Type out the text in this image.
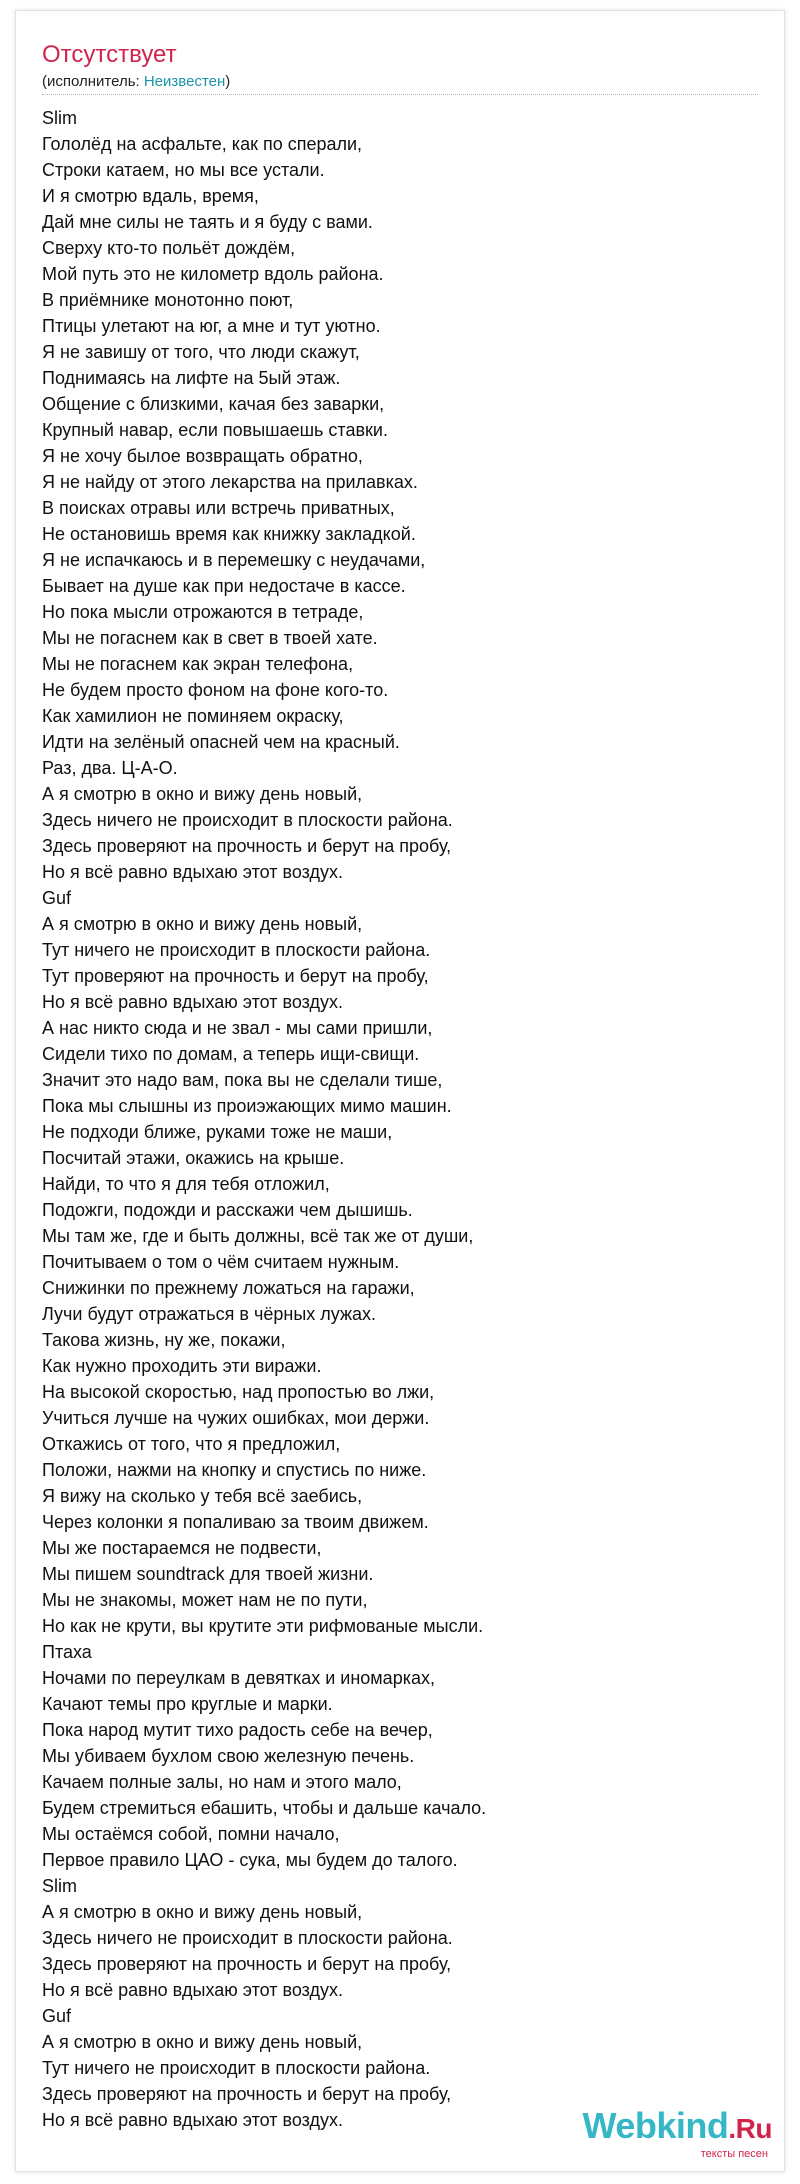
Отсутствует
(исполнитель: Неизвестен)
Slim
Гололёд на асфальте, как по сперали,
Строки катаем, но мы все устали.
И я смотрю вдаль, время,
Дай мне силы не таять и я буду с вами.
Сверху кто-то польёт дождём,
Мой путь это не километр вдоль района.
В приёмнике монотонно поют,
Птицы улетают на юг, а мне и тут уютно.
Я не завишу от того, что люди скажут,
Поднимаясь на лифте на 5ый этаж.
Общение с близкими, качая без заварки,
Крупный навар, если повышаешь ставки.
Я не хочу былое возвращать обратно,
Я не найду от этого лекарства на прилавках.
В поисках отравы или встречь приватных,
Не остановишь время как книжку закладкой.
Я не испачкаюсь и в перемешку с неудачами,
Бывает на душе как при недостаче в кассе.
Но пока мысли отрожаются в тетраде,
Мы не погаснем как в свет в твоей хате.
Мы не погаснем как экран телефона,
Не будем просто фоном на фоне кого-то.
Как хамилион не поминяем окраску,
Идти на зелёный опасней чем на красный.
Раз, два. Ц-А-О.
А я смотрю в окно и вижу день новый,
Здесь ничего не происходит в плоскости района.
Здесь проверяют на прочность и берут на пробу,
Но я всё равно вдыхаю этот воздух.
Guf
А я смотрю в окно и вижу день новый,
Тут ничего не происходит в плоскости района.
Тут проверяют на прочность и берут на пробу,
Но я всё равно вдыхаю этот воздух.
А нас никто сюда и не звал - мы сами пришли,
Сидели тихо по домам, а теперь ищи-свищи.
Значит это надо вам, пока вы не сделали тише,
Пока мы слышны из проиэжающих мимо машин.
Не подходи ближе, руками тоже не маши,
Посчитай этажи, окажись на крыше.
Найди, то что я для тебя отложил,
Подожги, подожди и расскажи чем дышишь.
Мы там же, где и быть должны, всё так же от души,
Почитываем о том о чём считаем нужным.
Снижинки по прежнему ложаться на гаражи,
Лучи будут отражаться в чёрных лужах.
Такова жизнь, ну же, покажи,
Как нужно проходить эти виражи.
На высокой скоростью, над пропостью во лжи,
Учиться лучше на чужих ошибках, мои держи.
Откажись от того, что я предложил,
Положи, нажми на кнопку и спустись по ниже.
Я вижу на сколько у тебя всё заебись,
Через колонки я попаливаю за твоим движем.
Мы же постараемся не подвести,
Мы пишем soundtrack для твоей жизни.
Мы не знакомы, может нам не по пути,
Но как не крути, вы крутите эти рифмованые мысли.
Птаха
Ночами по переулкам в девятках и иномарках,
Качают темы про круглые и марки.
Пока народ мутит тихо радость себе на вечер,
Мы убиваем бухлом свою железную печень.
Качаем полные залы, но нам и этого мало,
Будем стремиться ебашить, чтобы и дальше качало.
Мы остаёмся собой, помни начало,
Первое правило ЦАО - сука, мы будем до талого.
Slim
А я смотрю в окно и вижу день новый,
Здесь ничего не происходит в плоскости района.
Здесь проверяют на прочность и берут на пробу,
Но я всё равно вдыхаю этот воздух.
Guf
А я смотрю в окно и вижу день новый,
Тут ничего не происходит в плоскости района.
Здесь проверяют на прочность и берут на пробу,
Но я всё равно вдыхаю этот воздух.	Webkind.Ru
тексты песен
